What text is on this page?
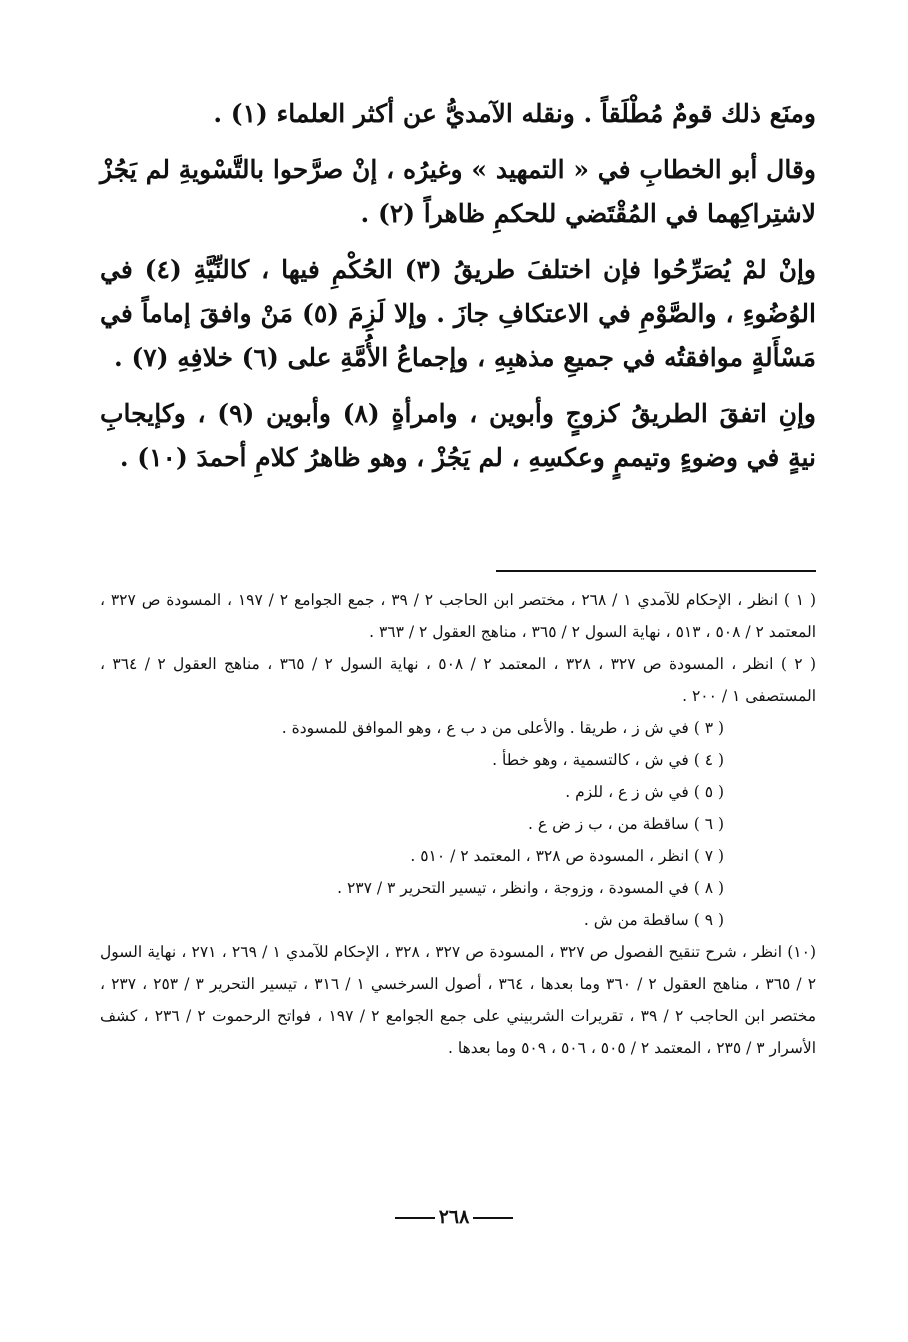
ومنَع ذلك قومٌ مُطْلَقاً . ونقله الآمديُّ عن أكثر العلماء (١) .

وقال أبو الخطابِ في « التمهيد » وغيرُه ، إنْ صرَّحوا بالتَّسْويةِ لم يَجُزْ لاشتِراكِهما في المُقْتَضي للحكمِ ظاهراً (٢) .

وإنْ لمْ يُصَرِّحُوا فإن اختلفَ طريقُ (٣) الحُكْمِ فيها ، كالنِّيَّةِ (٤) في الوُضُوءِ ، والصَّوْمِ في الاعتكافِ جازَ . وإلا لَزِمَ (٥) مَنْ وافقَ إماماً في مَسْأَلةٍ موافقتُه في جميعِ مذهبِهِ ، وإجماعُ الأُمَّةِ على (٦) خلافِهِ (٧) .

وإنِ اتفقَ الطريقُ كزوجٍ وأبوين ، وامرأةٍ (٨) وأبوين (٩) ، وكإيجابِ نيةٍ في وضوءٍ وتيممٍ وعكسِهِ ، لم يَجُزْ ، وهو ظاهرُ كلامِ أحمدَ (١٠) .

( ١ ) انظر ، الإحكام للآمدي ١ / ٢٦٨ ، مختصر ابن الحاجب ٢ / ٣٩ ، جمع الجوامع ٢ / ١٩٧ ، المسودة ص ٣٢٧ ، المعتمد ٢ / ٥٠٨ ، ٥١٣ ، نهاية السول ٢ / ٣٦٥ ، مناهج العقول ٢ / ٣٦٣ .

( ٢ ) انظر ، المسودة ص ٣٢٧ ، ٣٢٨ ، المعتمد ٢ / ٥٠٨ ، نهاية السول ٢ / ٣٦٥ ، مناهج العقول ٢ / ٣٦٤ ، المستصفى ١ / ٢٠٠ .

( ٣ ) في ش ز ، طريقا . والأعلى من د ب ع ، وهو الموافق للمسودة .

( ٤ ) في ش ، كالتسمية ، وهو خطأ .

( ٥ ) في ش ز ع ، للزم .

( ٦ ) ساقطة من ، ب ز ض ع .

( ٧ ) انظر ، المسودة ص ٣٢٨ ، المعتمد ٢ / ٥١٠ .

( ٨ ) في المسودة ، وزوجة ، وانظر ، تيسير التحرير ٣ / ٢٣٧ .

( ٩ ) ساقطة من ش .

(١٠) انظر ، شرح تنقيح الفصول ص ٣٢٧ ، المسودة ص ٣٢٧ ، ٣٢٨ ، الإحكام للآمدي ١ / ٢٦٩ ، ٢٧١ ، نهاية السول ٢ / ٣٦٥ ، مناهج العقول ٢ / ٣٦٠ وما بعدها ، ٣٦٤ ، أصول السرخسي ١ / ٣١٦ ، تيسير التحرير ٣ / ٢٥٣ ، ٢٣٧ ، مختصر ابن الحاجب ٢ / ٣٩ ، تقريرات الشربيني على جمع الجوامع ٢ / ١٩٧ ، فواتح الرحموت ٢ / ٢٣٦ ، كشف الأسرار ٣ / ٢٣٥ ، المعتمد ٢ / ٥٠٥ ، ٥٠٦ ، ٥٠٩ وما بعدها .

٢٦٨
